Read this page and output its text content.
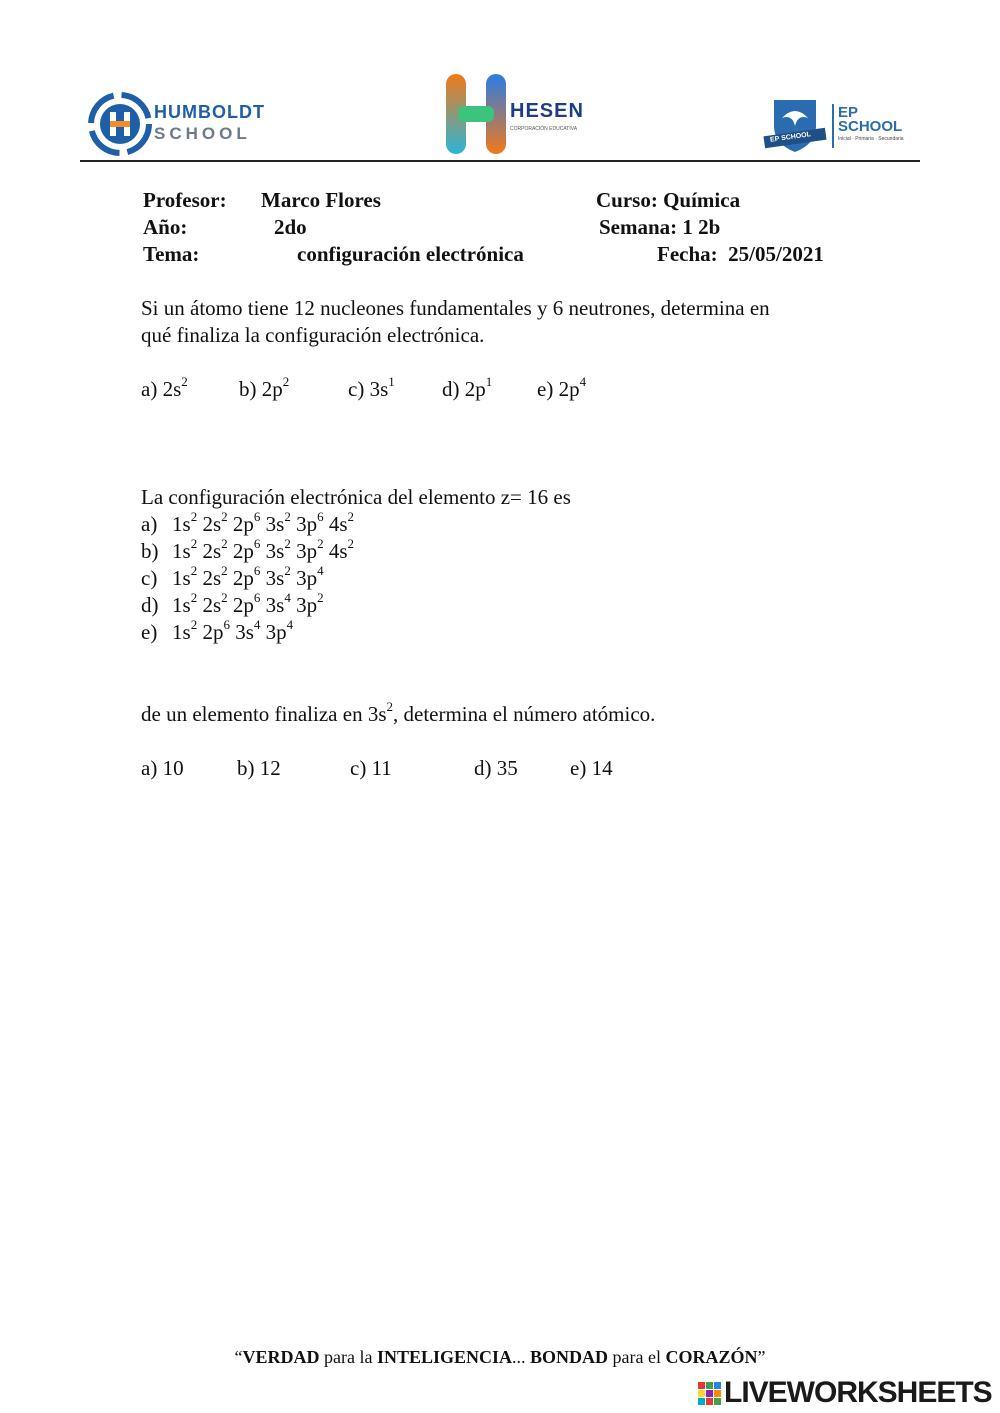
HUMBOLDT
SCHOOL
HESEN
CORPORACIÓN EDUCATIVA
EP SCHOOL
EP
SCHOOL
Inicial · Primaria · Secundaria
Profesor: Marco Flores	Curso: Química
Año:	2do	Semana: 1 2b
Tema:	configuración electrónica	Fecha: 25/05/2021
Si un átomo tiene 12 nucleones fundamentales y 6 neutrones, determina en
qué finaliza la configuración electrónica.
a) $2s^2$ b) $2p^2$	c) $3s^1$ d) $2p^1$ e) $2p^4$
La configuración electrónica del elemento z= 16 es
a) $1s^2$ $2s^2$ $2p^6$ $3s^2$ $3p^6$ $4s^2$
b) $1s^2$ $2s^2$ $2p^6$ $3s^2$ $3p^2$ $4s^2$
c) $1s^2$ $2s^2$ $2p^6$ $3s^2$ $3p^4$
d) $1s^2$ $2s^2$ $2p^6$ $3s^4$ $3p^2$
e) $1s^2$ $2p^6$ $3s^4$ $3p^4$
de un elemento finaliza en $3s^2$, determina el número atómico.
a) 10	b) 12	c) 11	d) 35 e) 14
“VERDAD para la INTELIGENCIA... BONDAD para el CORAZÓN”
LIVEWORKSHEETS
